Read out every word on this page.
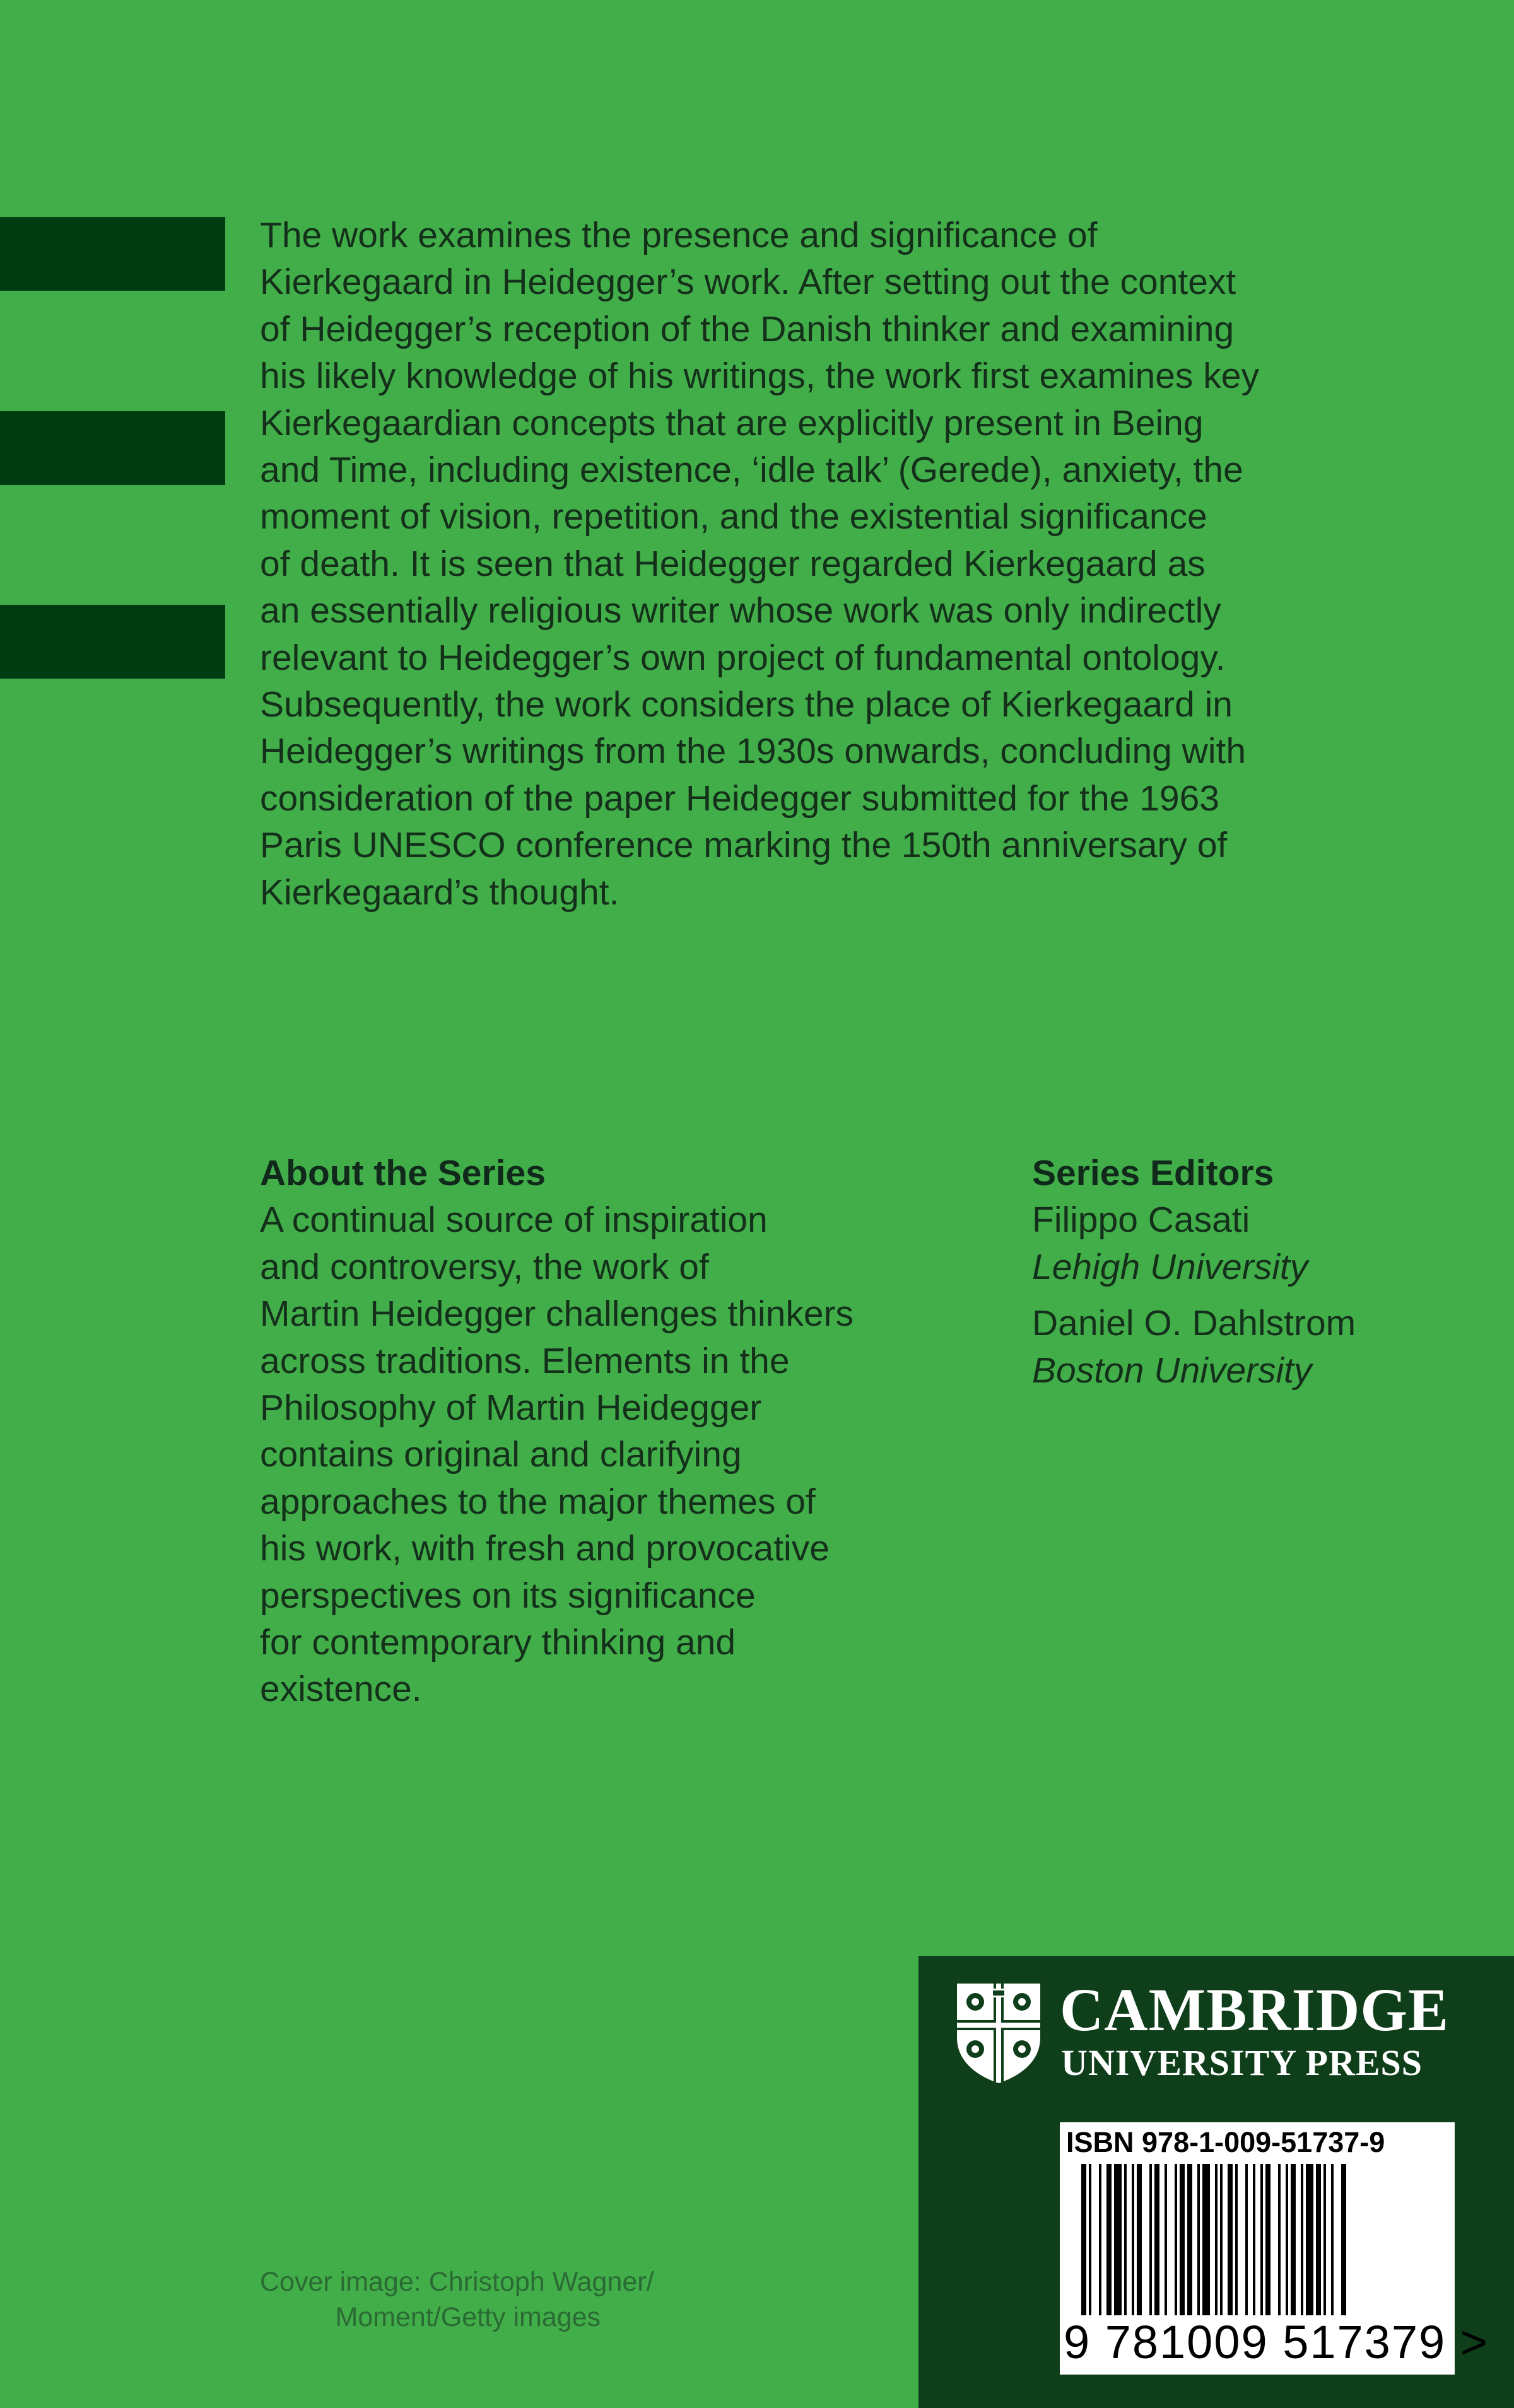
The work examines the presence and significance of
Kierkegaard in Heidegger’s work. After setting out the context
of Heidegger’s reception of the Danish thinker and examining
his likely knowledge of his writings, the work first examines key
Kierkegaardian concepts that are explicitly present in Being
and Time, including existence, ‘idle talk’ (Gerede), anxiety, the
moment of vision, repetition, and the existential significance
of death. It is seen that Heidegger regarded Kierkegaard as
an essentially religious writer whose work was only indirectly
relevant to Heidegger’s own project of fundamental ontology.
Subsequently, the work considers the place of Kierkegaard in
Heidegger’s writings from the 1930s onwards, concluding with
consideration of the paper Heidegger submitted for the 1963
Paris UNESCO conference marking the 150th anniversary of
Kierkegaard’s thought.

About the Series

A continual source of inspiration
and controversy, the work of
Martin Heidegger challenges thinkers
across traditions. Elements in the
Philosophy of Martin Heidegger
contains original and clarifying
approaches to the major themes of
his work, with fresh and provocative
perspectives on its significance
for contemporary thinking and
existence.

Series Editors

Filippo Casati

Lehigh University

Daniel O. Dahlstrom

Boston University

Cover image: Christoph Wagner/
Moment/Getty images

CAMBRIDGE

UNIVERSITY PRESS

ISBN 978-1-009-51737-9

9 781009 517379 >
